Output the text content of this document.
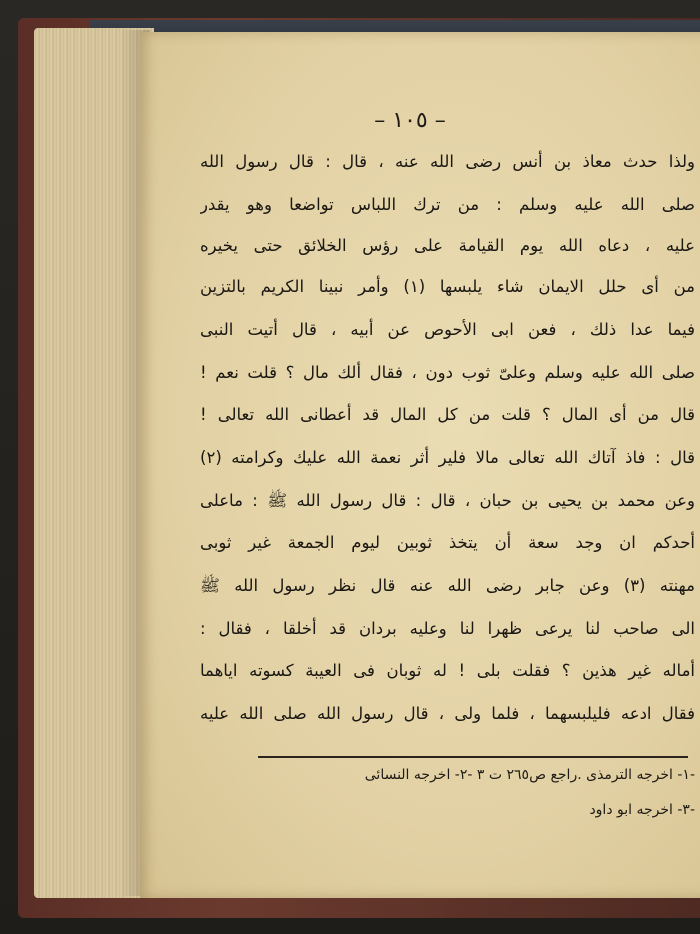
– ١٠٥ –
ولذا حدث معاذ بن أنس رضى الله عنه ، قال : قال رسول الله
صلى الله عليه وسلم : من ترك اللباس تواضعا وهو يقدر
عليه ، دعاه الله يوم القيامة على رؤس الخلائق حتى يخيره
من أى حلل الايمان شاء يلبسها (١) وأمر نبينا الكريم بالتزين
فيما عدا ذلك ، فعن ابى الأحوص عن أبيه ، قال أتيت النبى
صلى الله عليه وسلم وعلىّ ثوب دون ، فقال ألك مال ؟ قلت نعم !
قال من أى المال ؟ قلت من كل المال قد أعطانى الله تعالى !
قال : فاذ آتاك الله تعالى مالا فلير أثر نعمة الله عليك وكرامته (٢)
وعن محمد بن يحيى بن حبان ، قال : قال رسول الله ﷺ : ماعلى
أحدكم ان وجد سعة أن يتخذ ثوبين ليوم الجمعة غير ثوبى
مهنته (٣) وعن جابر رضى الله عنه قال نظر رسول الله ﷺ
الى صاحب لنا يرعى ظهرا لنا وعليه بردان قد أخلقا ، فقال :
أماله غير هذين ؟ فقلت بلى ! له ثوبان فى العيبة كسوته اياهما
فقال ادعه فليلبسهما ، فلما ولى ، قال رسول الله صلى الله عليه
-١- اخرجه الترمذى .راجع ص٢٦٥ ت ٣ -٢- اخرجه النسائى
-٣- اخرجه ابو داود
